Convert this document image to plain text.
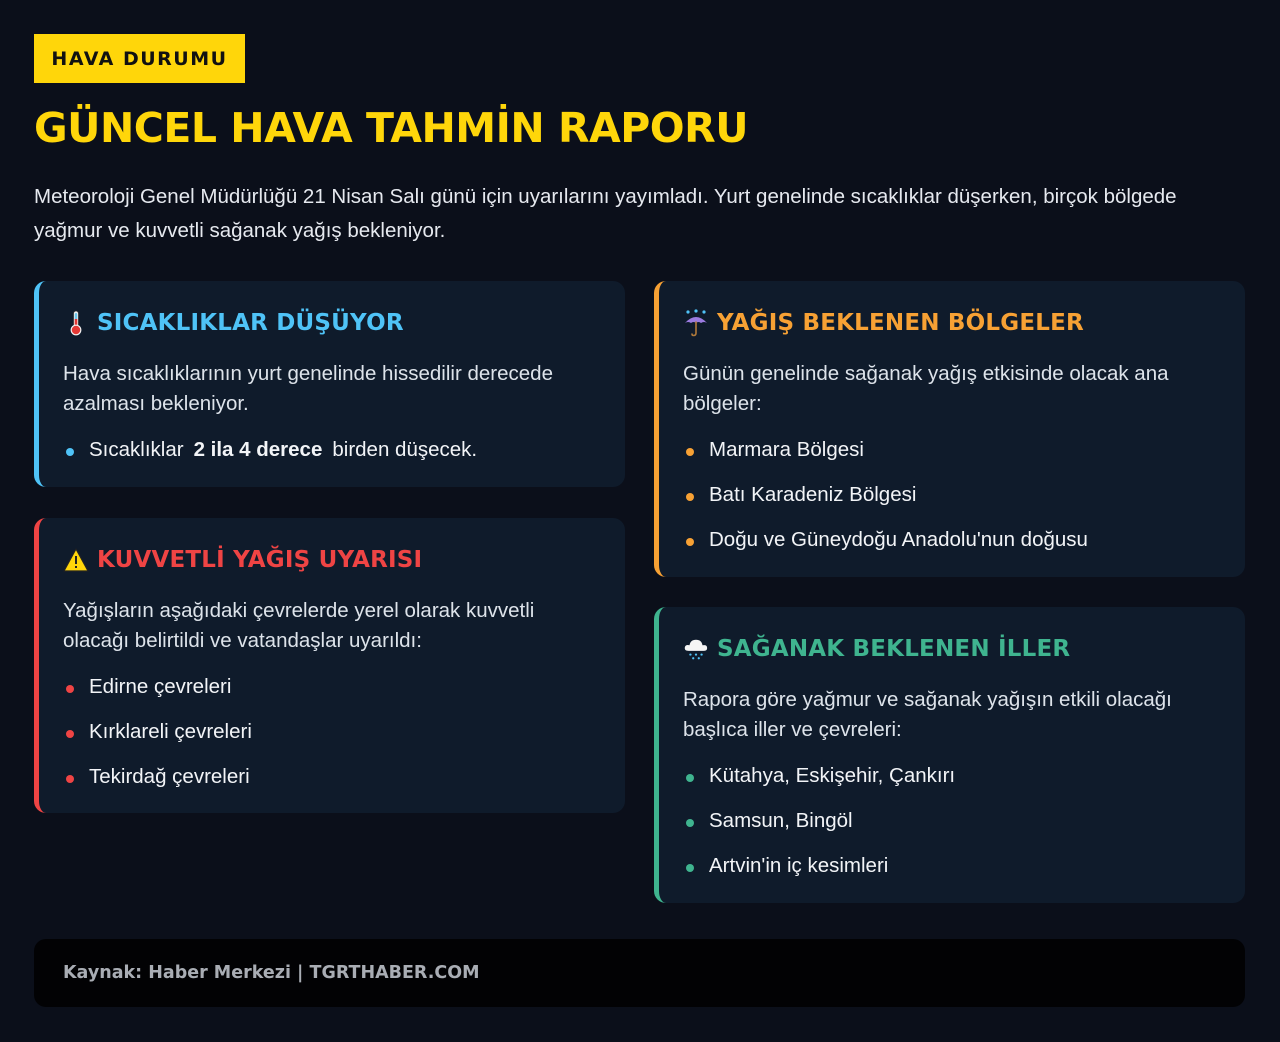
HAVA DURUMU
GÜNCEL HAVA TAHMİN RAPORU

Meteoroloji Genel Müdürlüğü 21 Nisan Salı günü için uyarılarını yayımladı. Yurt genelinde sıcaklıklar düşerken, birçok bölgede yağmur ve kuvvetli sağanak yağış bekleniyor.

SICAKLIKLAR DÜŞÜYOR

Hava sıcaklıklarının yurt genelinde hissedilir derecede azalması bekleniyor.

Sıcaklıklar 2 ila 4 derece birden düşecek.
KUVVETLİ YAĞIŞ UYARISI

Yağışların aşağıdaki çevrelerde yerel olarak kuvvetli olacağı belirtildi ve vatandaşlar uyarıldı:

Edirne çevreleri
Kırklareli çevreleri
Tekirdağ çevreleri
YAĞIŞ BEKLENEN BÖLGELER

Günün genelinde sağanak yağış etkisinde olacak ana bölgeler:

Marmara Bölgesi
Batı Karadeniz Bölgesi
Doğu ve Güneydoğu Anadolu'nun doğusu
SAĞANAK BEKLENEN İLLER

Rapora göre yağmur ve sağanak yağışın etkili olacağı başlıca iller ve çevreleri:

Kütahya, Eskişehir, Çankırı
Samsun, Bingöl
Artvin'in iç kesimleri
Kaynak: Haber Merkezi | TGRTHABER.COM
